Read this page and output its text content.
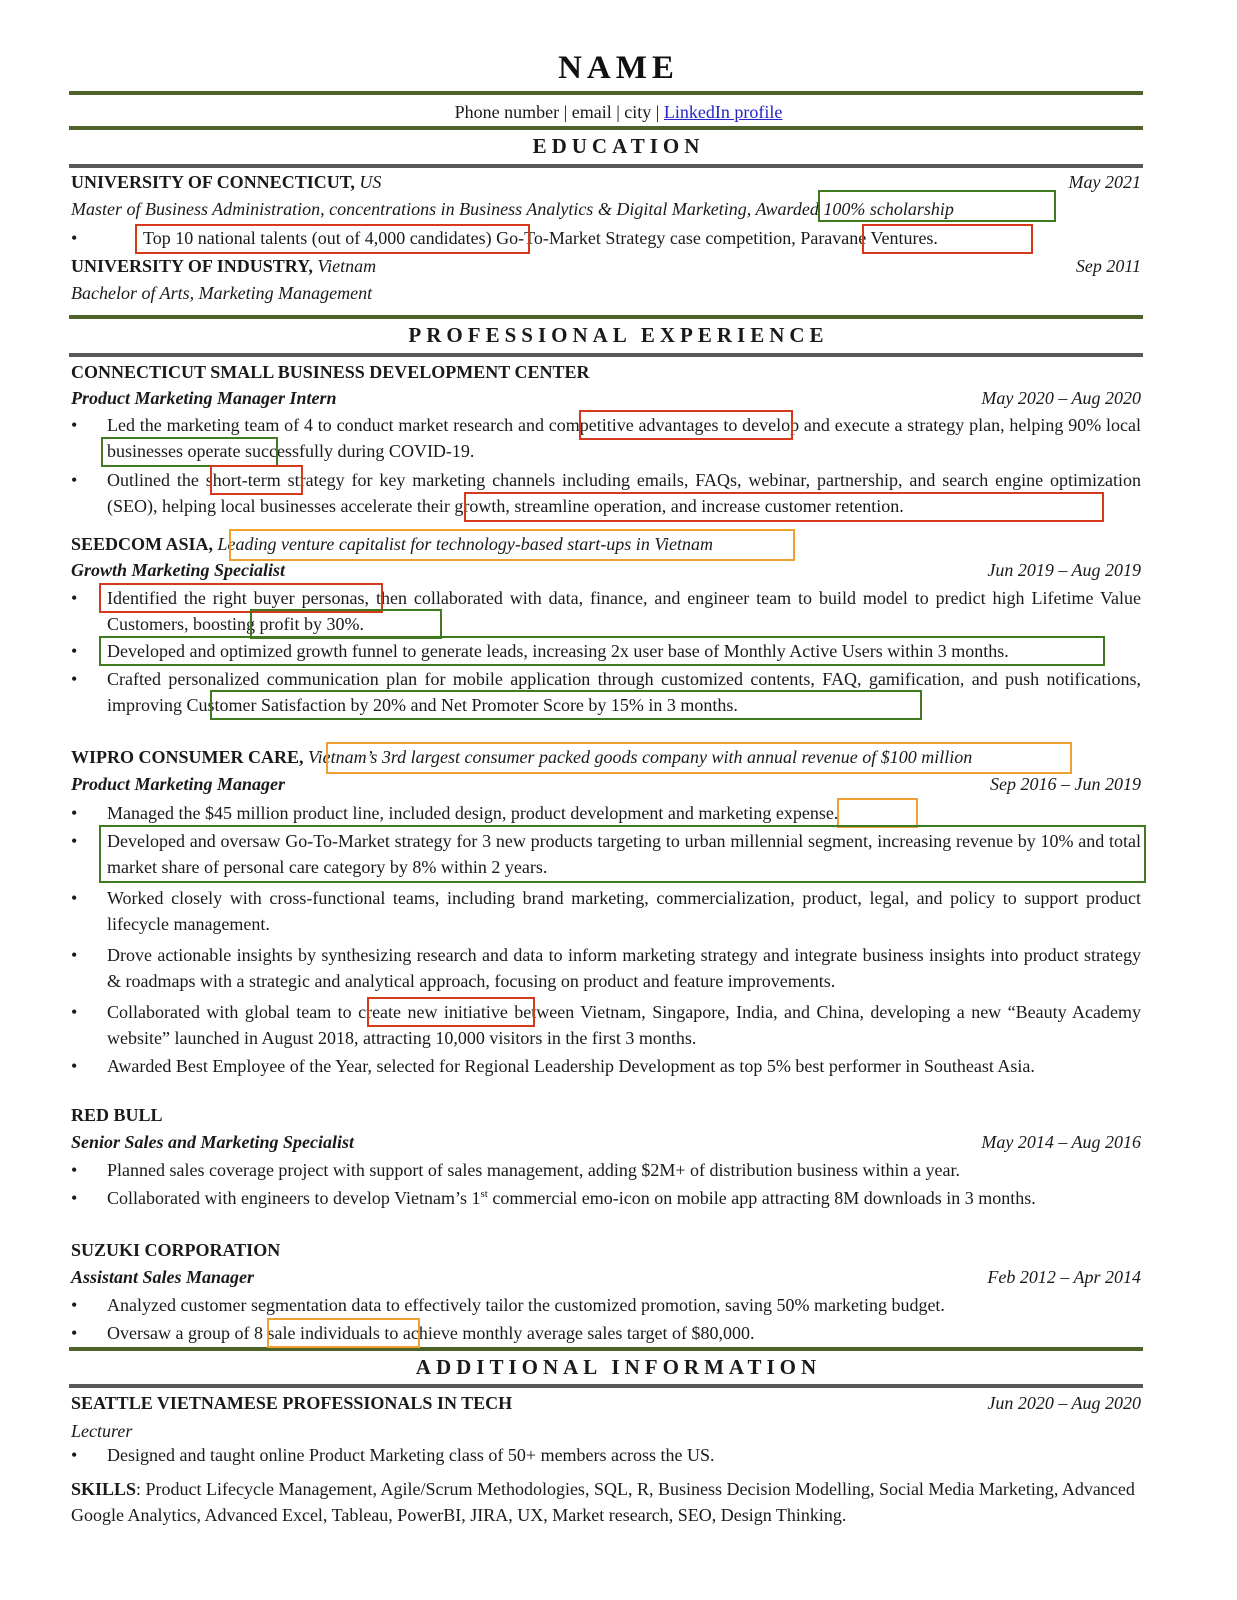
NAME
Phone number | email | city | LinkedIn profile
EDUCATION
UNIVERSITY OF CONNECTICUT, US	May 2021
Master of Business Administration, concentrations in Business Analytics & Digital Marketing, Awarded 100% scholarship
•	Top 10 national talents (out of 4,000 candidates) Go-To-Market Strategy case competition, Paravane Ventures.
UNIVERSITY OF INDUSTRY, Vietnam	Sep 2011
Bachelor of Arts, Marketing Management
PROFESSIONAL EXPERIENCE
CONNECTICUT SMALL BUSINESS DEVELOPMENT CENTER
Product Marketing Manager Intern	May 2020 – Aug 2020
•	Led the marketing team of 4 to conduct market research and competitive advantages to develop and execute a strategy plan, helping 90% local businesses operate successfully during COVID-19.
•	Outlined the short-term strategy for key marketing channels including emails, FAQs, webinar, partnership, and search engine optimization (SEO), helping local businesses accelerate their growth, streamline operation, and increase customer retention.
SEEDCOM ASIA, Leading venture capitalist for technology-based start-ups in Vietnam
Growth Marketing Specialist	Jun 2019 – Aug 2019
•	Identified the right buyer personas, then collaborated with data, finance, and engineer team to build model to predict high Lifetime Value Customers, boosting profit by 30%.
•	Developed and optimized growth funnel to generate leads, increasing 2x user base of Monthly Active Users within 3 months.
•	Crafted personalized communication plan for mobile application through customized contents, FAQ, gamification, and push notifications, improving Customer Satisfaction by 20% and Net Promoter Score by 15% in 3 months.
WIPRO CONSUMER CARE, Vietnam’s 3rd largest consumer packed goods company with annual revenue of $100 million
Product Marketing Manager	Sep 2016 – Jun 2019
•	Managed the $45 million product line, included design, product development and marketing expense.
•	Developed and oversaw Go-To-Market strategy for 3 new products targeting to urban millennial segment, increasing revenue by 10% and total market share of personal care category by 8% within 2 years.
•	Worked closely with cross-functional teams, including brand marketing, commercialization, product, legal, and policy to support product lifecycle management.
•	Drove actionable insights by synthesizing research and data to inform marketing strategy and integrate business insights into product strategy & roadmaps with a strategic and analytical approach, focusing on product and feature improvements.
•	Collaborated with global team to create new initiative between Vietnam, Singapore, India, and China, developing a new “Beauty Academy website” launched in August 2018, attracting 10,000 visitors in the first 3 months.
•	Awarded Best Employee of the Year, selected for Regional Leadership Development as top 5% best performer in Southeast Asia.
RED BULL
Senior Sales and Marketing Specialist	May 2014 – Aug 2016
•	Planned sales coverage project with support of sales management, adding $2M+ of distribution business within a year.
•	Collaborated with engineers to develop Vietnam’s 1st commercial emo-icon on mobile app attracting 8M downloads in 3 months.
SUZUKI CORPORATION
Assistant Sales Manager	Feb 2012 – Apr 2014
•	Analyzed customer segmentation data to effectively tailor the customized promotion, saving 50% marketing budget.
•	Oversaw a group of 8 sale individuals to achieve monthly average sales target of $80,000.
ADDITIONAL INFORMATION
SEATTLE VIETNAMESE PROFESSIONALS IN TECH	Jun 2020 – Aug 2020
Lecturer
•	Designed and taught online Product Marketing class of 50+ members across the US.
SKILLS: Product Lifecycle Management, Agile/Scrum Methodologies, SQL, R, Business Decision Modelling, Social Media Marketing, Advanced Google Analytics, Advanced Excel, Tableau, PowerBI, JIRA, UX, Market research, SEO, Design Thinking.
